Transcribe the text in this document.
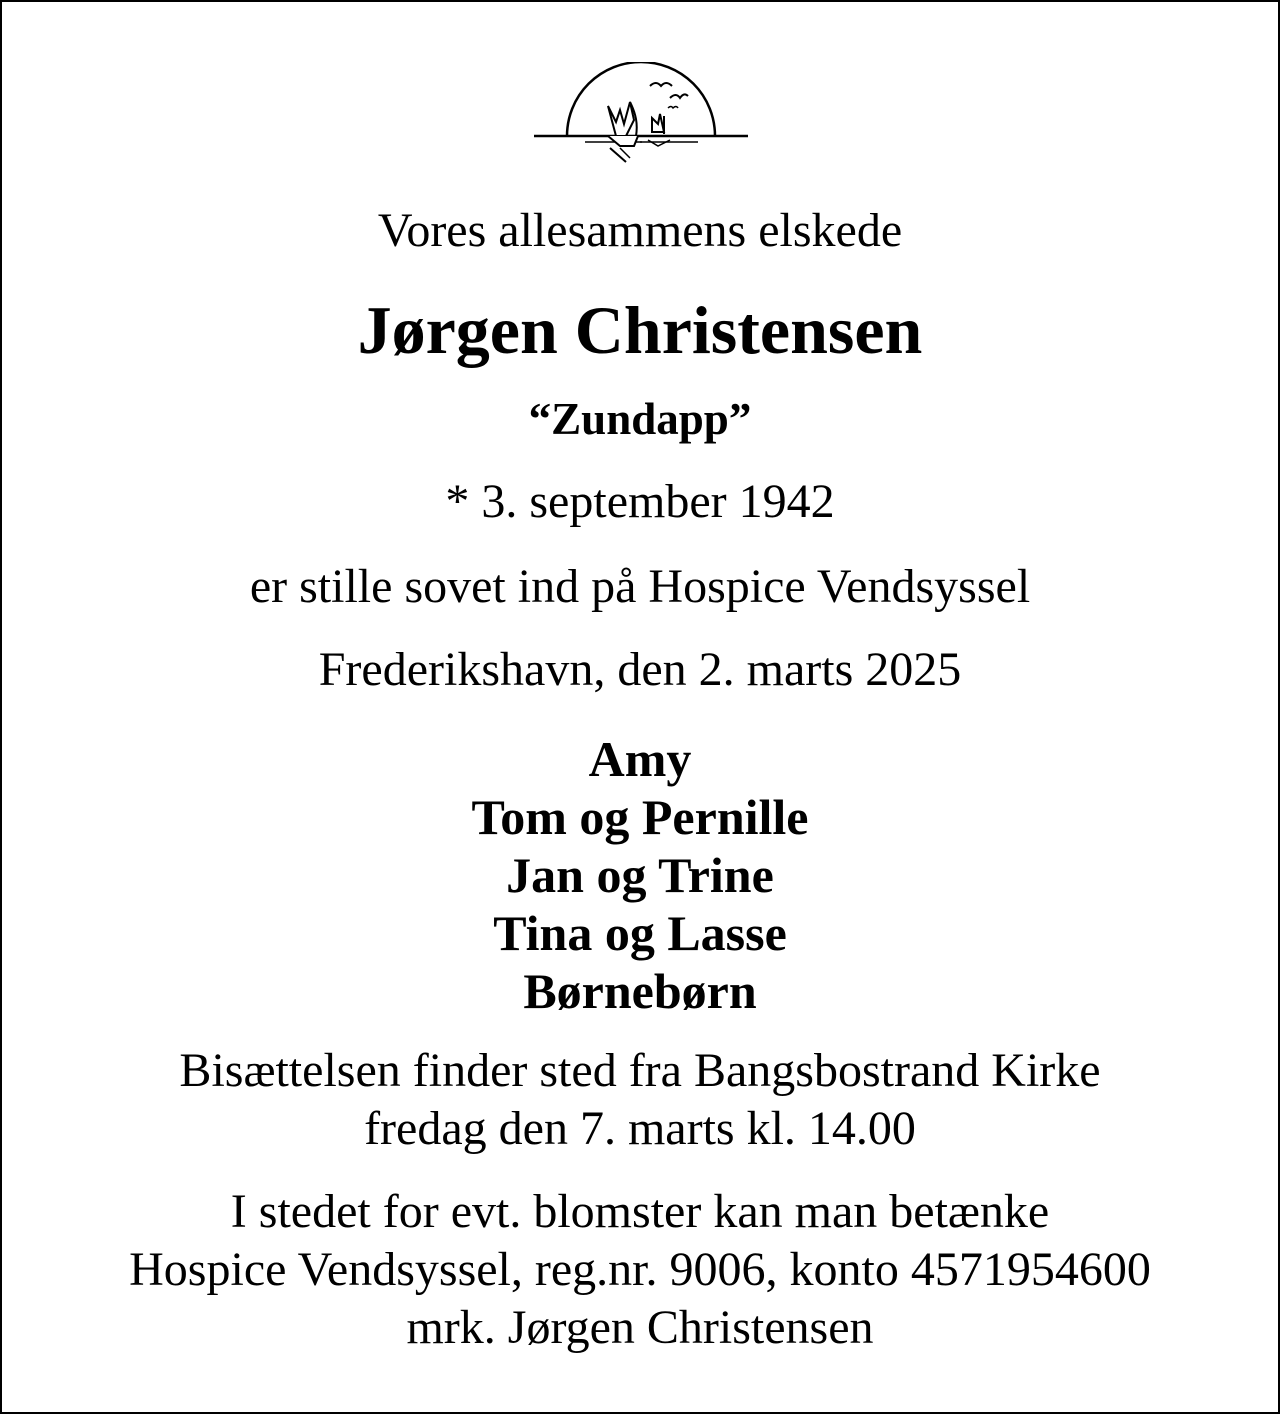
Vores allesammens elskede
Jørgen Christensen
“Zundapp”
* 3. september 1942
er stille sovet ind på Hospice Vendsyssel
Frederikshavn, den 2. marts 2025
Amy
Tom og Pernille
Jan og Trine
Tina og Lasse
Børnebørn
Bisættelsen finder sted fra Bangsbostrand Kirke
fredag den 7. marts kl. 14.00
I stedet for evt. blomster kan man betænke
Hospice Vendsyssel, reg.nr. 9006, konto 4571954600
mrk. Jørgen Christensen
